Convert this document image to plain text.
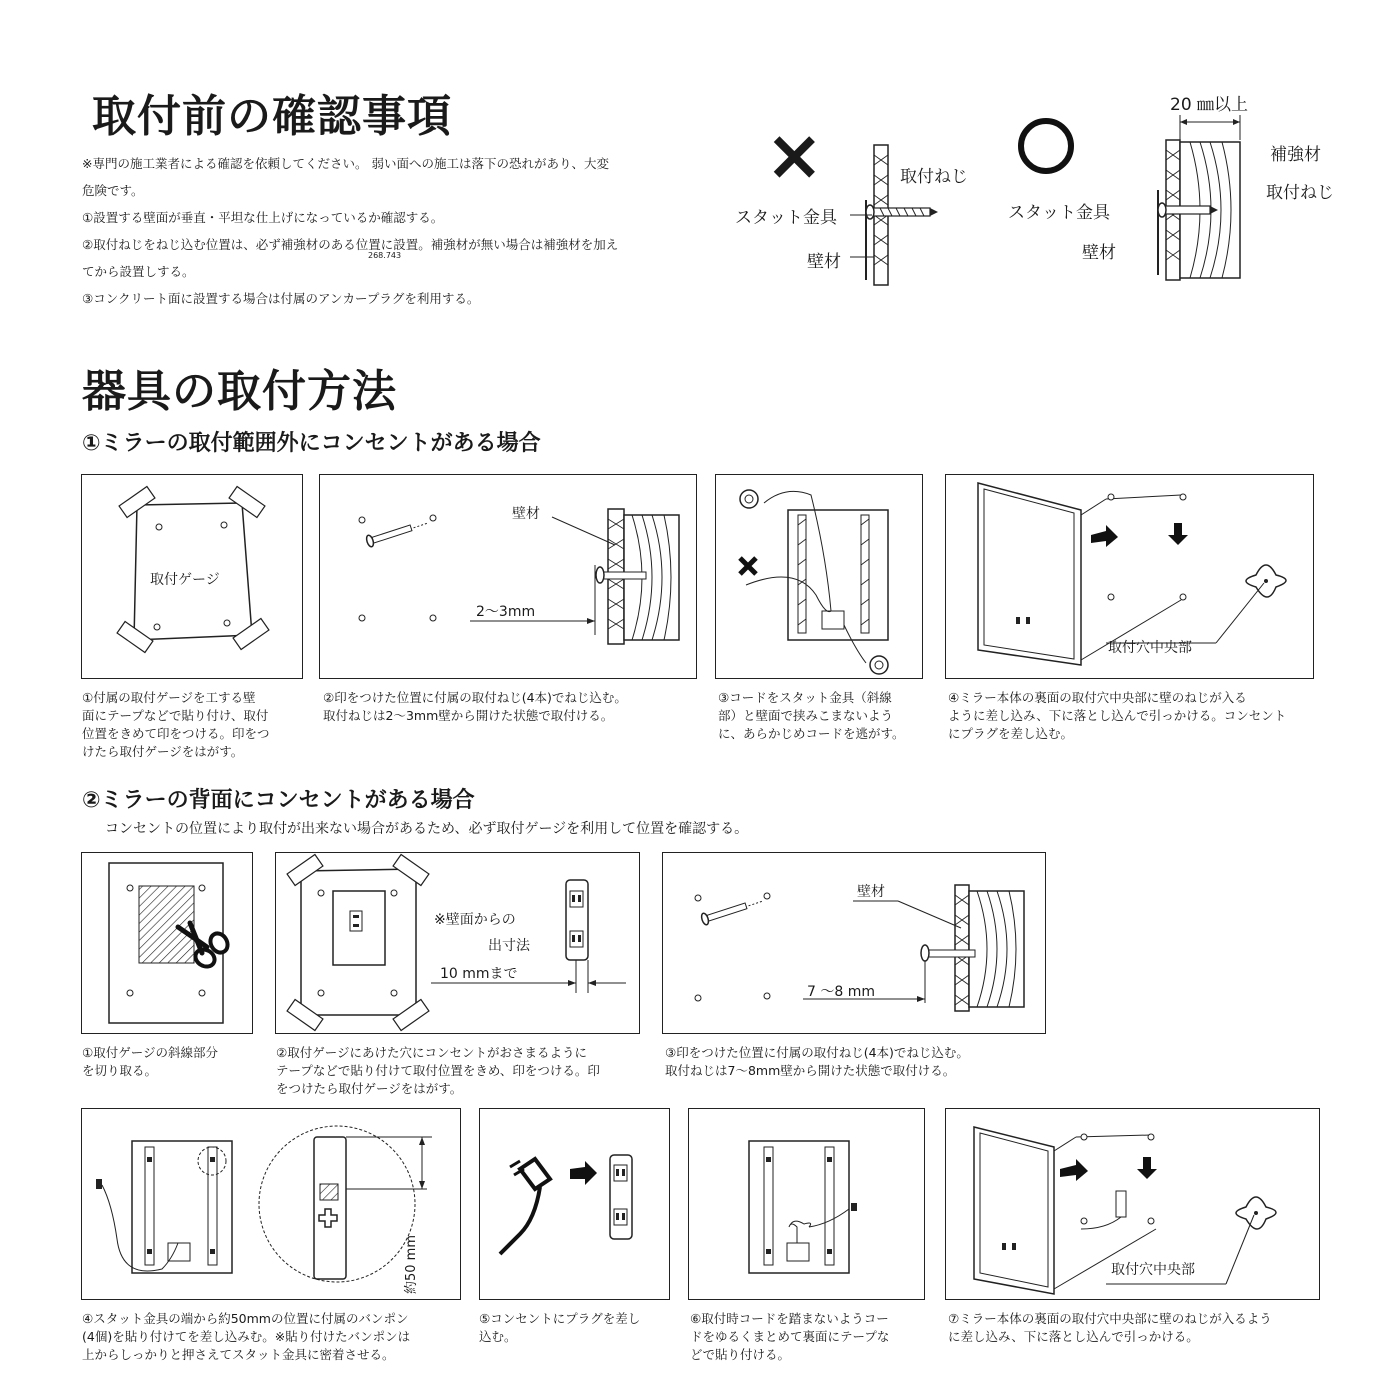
取付前の確認事項
※専門の施工業者による確認を依頼してください。 弱い面への施工は落下の恐れがあり、大変
危険です。
①設置する壁面が垂直・平坦な仕上げになっているか確認する。
②取付ねじをねじ込む位置は、必ず補強材のある位置に設置。補強材が無い場合は補強材を加え
てから設置しする。
③コンクリート面に設置する場合は付属のアンカープラグを利用する。
268.743
×	取付ねじ
スタット金具
壁材
20 ㎜以上
補強材
取付ねじ
スタット金具
壁材
器具の取付方法
①ミラーの取付範囲外にコンセントがある場合
取付ゲージ
壁材
2～3mm
取付穴中央部
①付属の取付ゲージを工する壁
面にテープなどで貼り付け、取付
位置をきめて印をつける。印をつ
けたら取付ゲージをはがす。
②印をつけた位置に付属の取付ねじ(4本)でねじ込む。
取付ねじは2～3mm壁から開けた状態で取付ける。
③コードをスタット金具（斜線
部）と壁面で挟みこまないよう
に、あらかじめコードを逃がす。
④ミラー本体の裏面の取付穴中央部に壁のねじが入る
ように差し込み、下に落とし込んで引っかける。コンセント
にプラグを差し込む。
②ミラーの背面にコンセントがある場合
コンセントの位置により取付が出来ない場合があるため、必ず取付ゲージを利用して位置を確認する。
※壁面からの
出寸法
10 mmまで
壁材
7 ～8 mm
①取付ゲージの斜線部分
を切り取る。
②取付ゲージにあけた穴にコンセントがおさまるように
テープなどで貼り付けて取付位置をきめ、印をつける。印
をつけたら取付ゲージをはがす。
③印をつけた位置に付属の取付ねじ(4本)でねじ込む。
取付ねじは7～8mm壁から開けた状態で取付ける。
約50 mm	取付穴中央部
④スタット金具の端から約50mmの位置に付属のバンポン
(4個)を貼り付けてを差し込みむ。※貼り付けたバンポンは
上からしっかりと押さえてスタット金具に密着させる。
⑤コンセントにプラグを差し
込む。
⑥取付時コードを踏まないようコー
ドをゆるくまとめて裏面にテープな
どで貼り付ける。
⑦ミラー本体の裏面の取付穴中央部に壁のねじが入るよう
に差し込み、下に落とし込んで引っかける。
